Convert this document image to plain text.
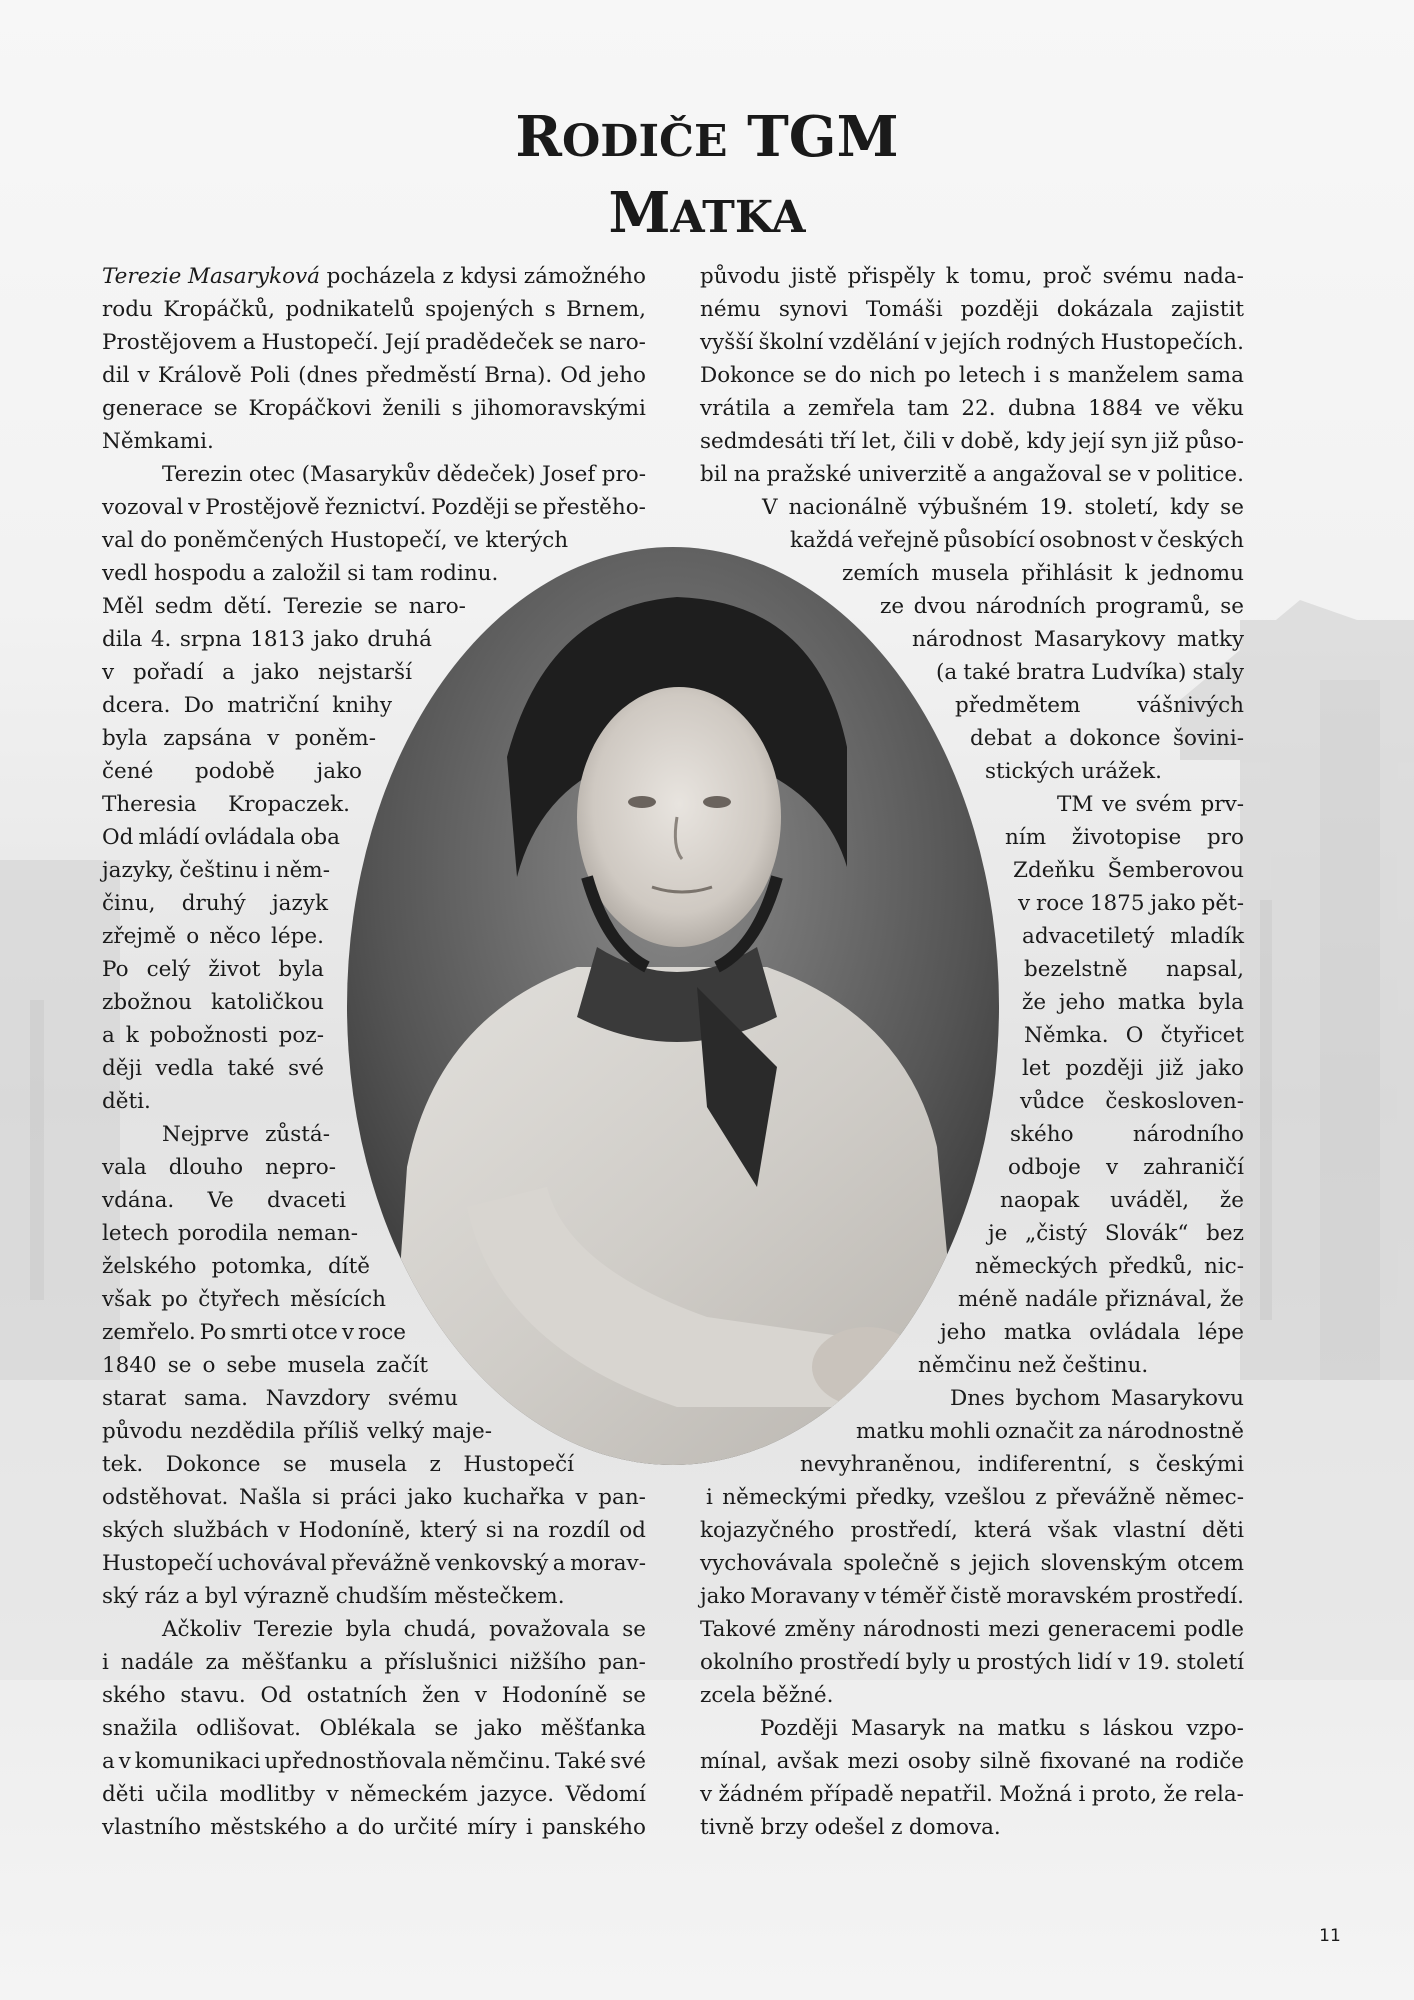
RODIČE TGM
MATKA
Terezie Masaryková pocházela z kdysi zámožného
rodu Kropáčků, podnikatelů spojených s Brnem,
Prostějovem a Hustopečí. Její pradědeček se naro-
dil v Králově Poli (dnes předměstí Brna). Od jeho
generace se Kropáčkovi ženili s jihomoravskými
Němkami.
Terezin otec (Masarykův dědeček) Josef pro-
vozoval v Prostějově řeznictví. Později se přestěho-
val do poněmčených Hustopečí, ve kterých
vedl hospodu a založil si tam rodinu.
Měl sedm dětí. Terezie se naro-
dila 4. srpna 1813 jako druhá
v pořadí a jako nejstarší
dcera. Do matriční knihy
byla zapsána v poněm-
čené podobě jako
Theresia Kropaczek.
Od mládí ovládala oba
jazyky, češtinu i něm-
činu, druhý jazyk
zřejmě o něco lépe.
Po celý život byla
zbožnou katoličkou
a k pobožnosti poz-
ději vedla také své
děti.
Nejprve zůstá-
vala dlouho nepro-
vdána. Ve dvaceti
letech porodila neman-
želského potomka, dítě
však po čtyřech měsících
zemřelo. Po smrti otce v roce
1840 se o sebe musela začít
starat sama. Navzdory svému
původu nezdědila příliš velký maje-
tek. Dokonce se musela z Hustopečí
odstěhovat. Našla si práci jako kuchařka v pan-
ských službách v Hodoníně, který si na rozdíl od
Hustopečí uchovával převážně venkovský a morav-
ský ráz a byl výrazně chudším městečkem.
Ačkoliv Terezie byla chudá, považovala se
i nadále za měšťanku a příslušnici nižšího pan-
ského stavu. Od ostatních žen v Hodoníně se
snažila odlišovat. Oblékala se jako měšťanka
a v komunikaci upřednostňovala němčinu. Také své
děti učila modlitby v německém jazyce. Vědomí
vlastního městského a do určité míry i panského
původu jistě přispěly k tomu, proč svému nada-
nému synovi Tomáši později dokázala zajistit
vyšší školní vzdělání v jejích rodných Hustopečích.
Dokonce se do nich po letech i s manželem sama
vrátila a zemřela tam 22. dubna 1884 ve věku
sedmdesáti tří let, čili v době, kdy její syn již půso-
bil na pražské univerzitě a angažoval se v politice.
V nacionálně výbušném 19. století, kdy se
každá veřejně působící osobnost v českých
zemích musela přihlásit k jednomu
ze dvou národních programů, se
národnost Masarykovy matky
(a také bratra Ludvíka) staly
předmětem	vášnivých
debat a dokonce šovini-
stických urážek.
TM ve svém prv-
ním životopise pro
Zdeňku Šemberovou
v roce 1875 jako pět-
advacetiletý mladík
bezelstně napsal,
že jeho matka byla
Němka. O čtyřicet
let později již jako
vůdce českosloven-
ského	národního
odboje v zahraničí
naopak uváděl, že
je „čistý Slovák“ bez
německých předků, nic-
méně nadále přiznával, že
jeho matka ovládala lépe
němčinu než češtinu.
Dnes bychom Masarykovu
matku mohli označit za národnostně
nevyhraněnou, indiferentní, s českými
i německými předky, vzešlou z převážně němec-
kojazyčného prostředí, která však vlastní děti
vychovávala společně s jejich slovenským otcem
jako Moravany v téměř čistě moravském prostředí.
Takové změny národnosti mezi generacemi podle
okolního prostředí byly u prostých lidí v 19. století
zcela běžné.
Později Masaryk na matku s láskou vzpo-
mínal, avšak mezi osoby silně fixované na rodiče
v žádném případě nepatřil. Možná i proto, že rela-
tivně brzy odešel z domova.
11
